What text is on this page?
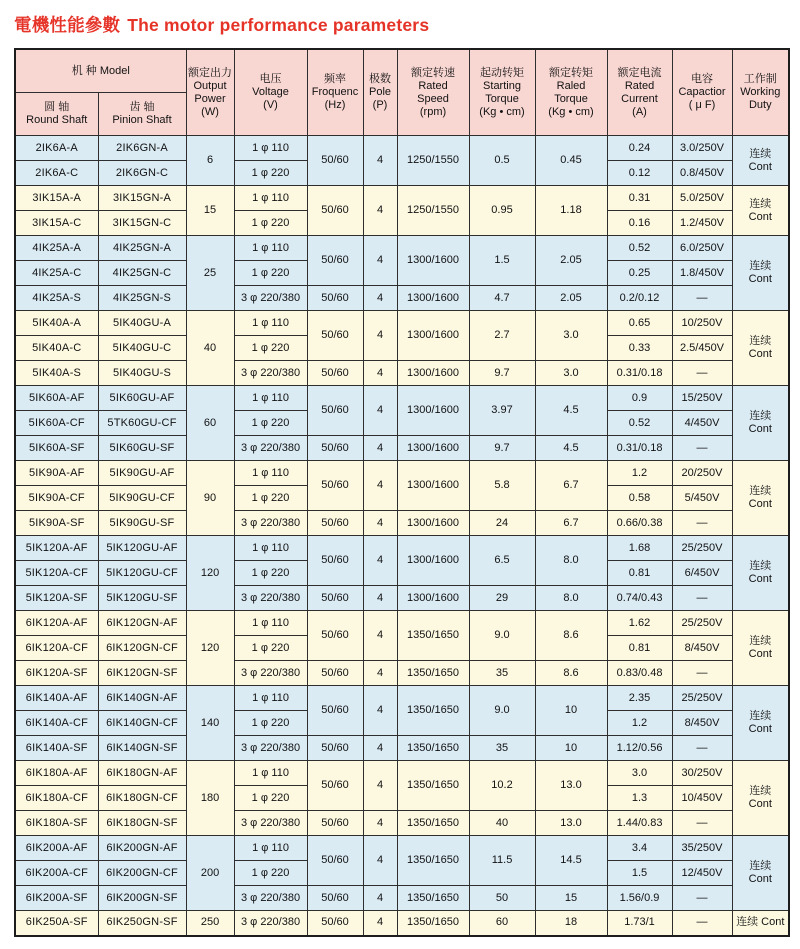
電機性能參數 The motor performance parameters
机 种 Model		额定出力
Output
Power
(W)	电压
Voltage
(V)	频率
Froquenc
(Hz)	极数
Pole
(P)	额定转速
Rated
Speed
(rpm)	起动转矩
Starting
Torque
(Kg • cm)	额定转矩
Raled
Torque
(Kg • cm)	额定电流
Rated
Current
(A)	电容
Capactior
( μ F)	工作制
Working
Duty

圆 轴
Round Shaft	齿 轴
Pinion Shaft										

2IK6A-A	2IK6GN-A	6	1 φ 110	50/60	4	1250/1550	0.5	0.45	0.24	3.0/250V	连续
Cont

2IK6A-C	2IK6GN-C		1 φ 220						0.12	0.8/450V	
3IK15A-A	3IK15GN-A	15	1 φ 110	50/60	4	1250/1550	0.95	1.18	0.31	5.0/250V	连续
Cont

3IK15A-C	3IK15GN-C		1 φ 220						0.16	1.2/450V	
4IK25A-A	4IK25GN-A	25	1 φ 110	50/60	4	1300/1600	1.5	2.05	0.52	6.0/250V	连续
Cont

4IK25A-C	4IK25GN-C		1 φ 220						0.25	1.8/450V	
4IK25A-S	4IK25GN-S		3 φ 220/380	50/60	4	1300/1600	4.7	2.05	0.2/0.12	—	
5IK40A-A	5IK40GU-A	40	1 φ 110	50/60	4	1300/1600	2.7	3.0	0.65	10/250V	连续
Cont

5IK40A-C	5IK40GU-C		1 φ 220						0.33	2.5/450V	
5IK40A-S	5IK40GU-S		3 φ 220/380	50/60	4	1300/1600	9.7	3.0	0.31/0.18	—	
5IK60A-AF	5IK60GU-AF	60	1 φ 110	50/60	4	1300/1600	3.97	4.5	0.9	15/250V	连续
Cont

5IK60A-CF	5TK60GU-CF		1 φ 220						0.52	4/450V	
5IK60A-SF	5IK60GU-SF		3 φ 220/380	50/60	4	1300/1600	9.7	4.5	0.31/0.18	—	
5IK90A-AF	5IK90GU-AF	90	1 φ 110	50/60	4	1300/1600	5.8	6.7	1.2	20/250V	连续
Cont

5IK90A-CF	5IK90GU-CF		1 φ 220						0.58	5/450V	
5IK90A-SF	5IK90GU-SF		3 φ 220/380	50/60	4	1300/1600	24	6.7	0.66/0.38	—	
5IK120A-AF	5IK120GU-AF	120	1 φ 110	50/60	4	1300/1600	6.5	8.0	1.68	25/250V	连续
Cont

5IK120A-CF	5IK120GU-CF		1 φ 220						0.81	6/450V	
5IK120A-SF	5IK120GU-SF		3 φ 220/380	50/60	4	1300/1600	29	8.0	0.74/0.43	—	
6IK120A-AF	6IK120GN-AF	120	1 φ 110	50/60	4	1350/1650	9.0	8.6	1.62	25/250V	连续
Cont

6IK120A-CF	6IK120GN-CF		1 φ 220						0.81	8/450V	
6IK120A-SF	6IK120GN-SF		3 φ 220/380	50/60	4	1350/1650	35	8.6	0.83/0.48	—	
6IK140A-AF	6IK140GN-AF	140	1 φ 110	50/60	4	1350/1650	9.0	10	2.35	25/250V	连续
Cont

6IK140A-CF	6IK140GN-CF		1 φ 220						1.2	8/450V	
6IK140A-SF	6IK140GN-SF		3 φ 220/380	50/60	4	1350/1650	35	10	1.12/0.56	—	
6IK180A-AF	6IK180GN-AF	180	1 φ 110	50/60	4	1350/1650	10.2	13.0	3.0	30/250V	连续
Cont

6IK180A-CF	6IK180GN-CF		1 φ 220						1.3	10/450V	
6IK180A-SF	6IK180GN-SF		3 φ 220/380	50/60	4	1350/1650	40	13.0	1.44/0.83	—	
6IK200A-AF	6IK200GN-AF	200	1 φ 110	50/60	4	1350/1650	11.5	14.5	3.4	35/250V	连续
Cont

6IK200A-CF	6IK200GN-CF		1 φ 220						1.5	12/450V	
6IK200A-SF	6IK200GN-SF		3 φ 220/380	50/60	4	1350/1650	50	15	1.56/0.9	—	
6IK250A-SF	6IK250GN-SF	250	3 φ 220/380	50/60	4	1350/1650	60	18	1.73/1	—	连续 Cont
